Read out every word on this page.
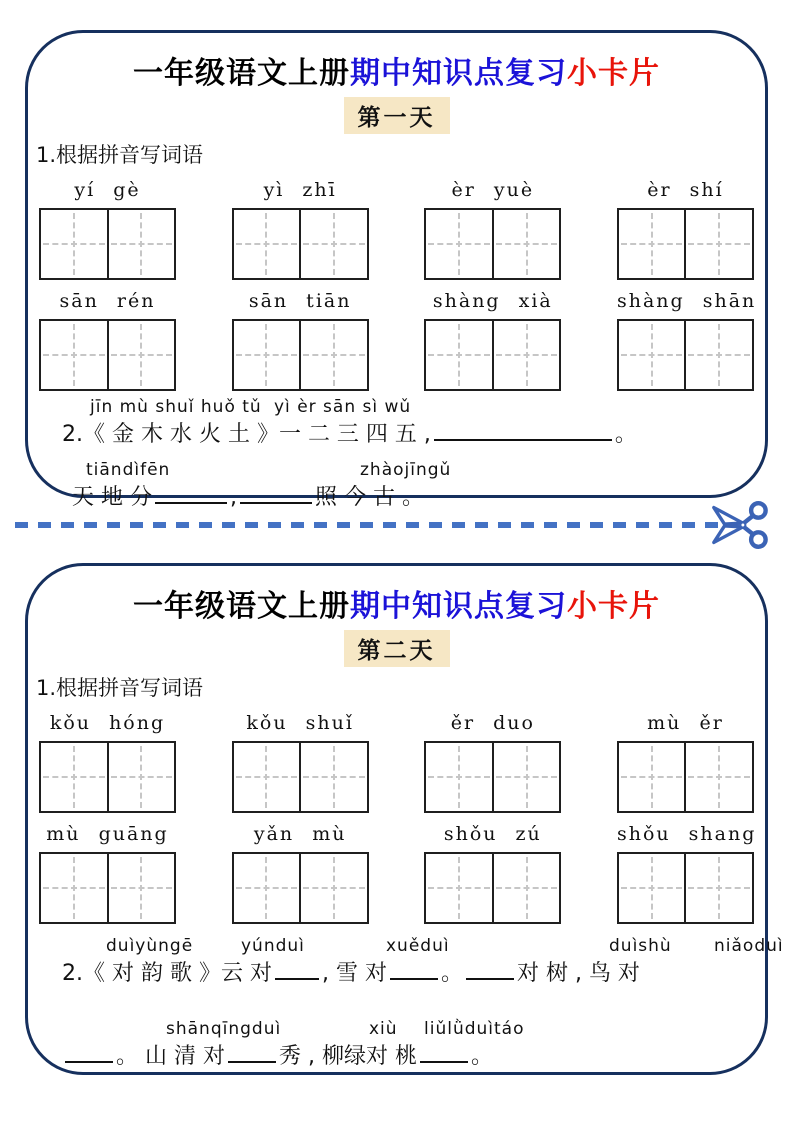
一年级语文上册期中知识点复习小卡片
第一天
1.根据拼音写词语
yí gè	yì zhī	èr yuè	èr shí
sān rén	sān tiān	shàng xià	shàng shān
jīn mù shuǐ huǒ tǔ yì èr sān sì wǔ
2.《 金 木 水 火 土 》一 二 三 四 五 ,	。
tiāndìfēn	zhàojīngǔ
天 地 分	,	照 今 古 。
一年级语文上册期中知识点复习小卡片
第二天
1.根据拼音写词语
kǒu hóng	kǒu shuǐ	ěr duo	mù ěr
mù guāng	yǎn mù	shǒu zú	shǒu shang
duìyùngē	yúnduì	xuěduì	duìshù niǎoduì
2.《 对 韵 歌 》云 对 , 雪 对 。 对 树 , 鸟 对
shānqīngduì	xiù liǔlǜduìtáo
。 山 清 对 秀 , 柳绿对 桃 。
